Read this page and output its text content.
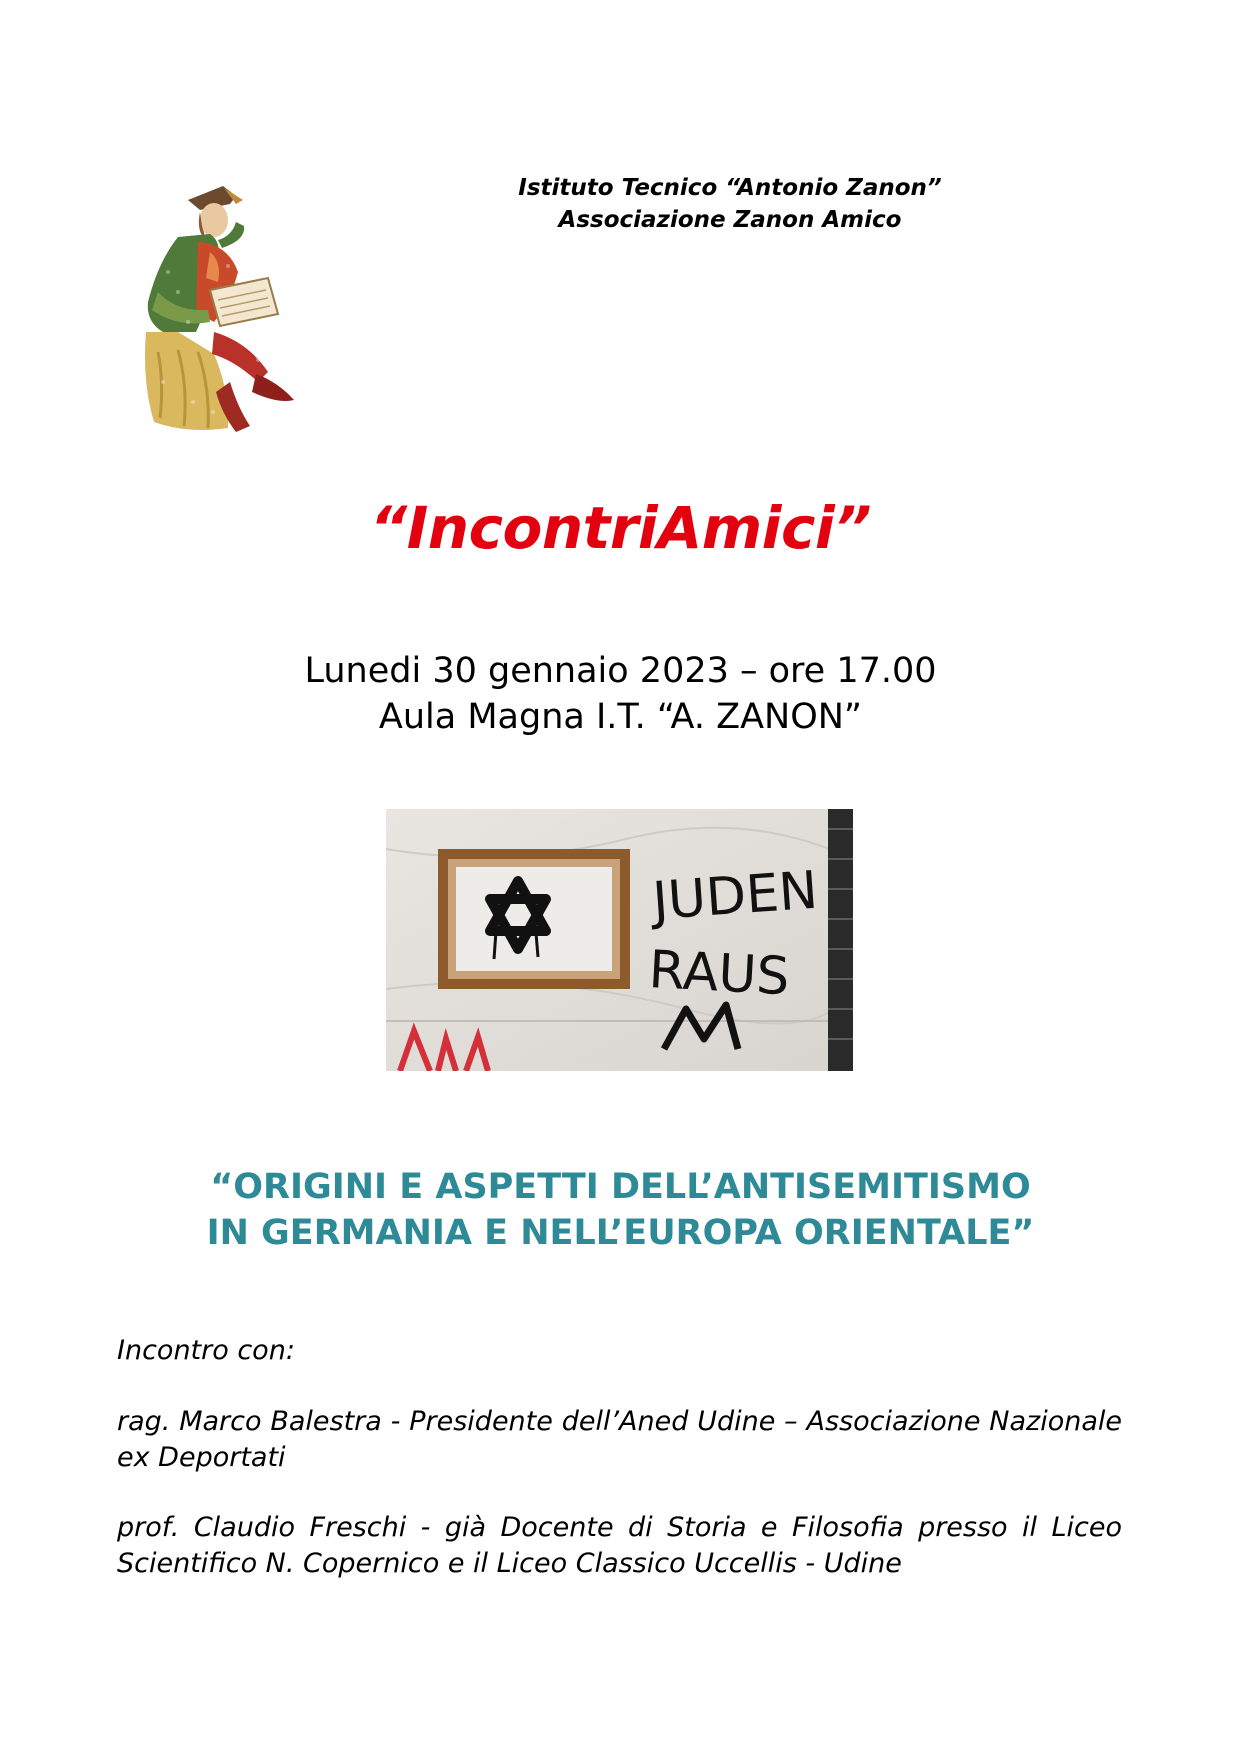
Istituto Tecnico “Antonio Zanon”
Associazione Zanon Amico
“IncontriAmici”
Lunedi 30 gennaio 2023 – ore 17.00
Aula Magna I.T. “A. ZANON”
JUDEN
RAUS
“ORIGINI E ASPETTI DELL’ANTISEMITISMO
IN GERMANIA E NELL’EUROPA ORIENTALE”
Incontro con:
rag. Marco Balestra - Presidente dell’Aned Udine – Associazione Nazionale ex Deportati
prof. Claudio Freschi - già Docente di Storia e Filosofia presso il Liceo Scientifico N. Copernico e il Liceo Classico Uccellis - Udine
